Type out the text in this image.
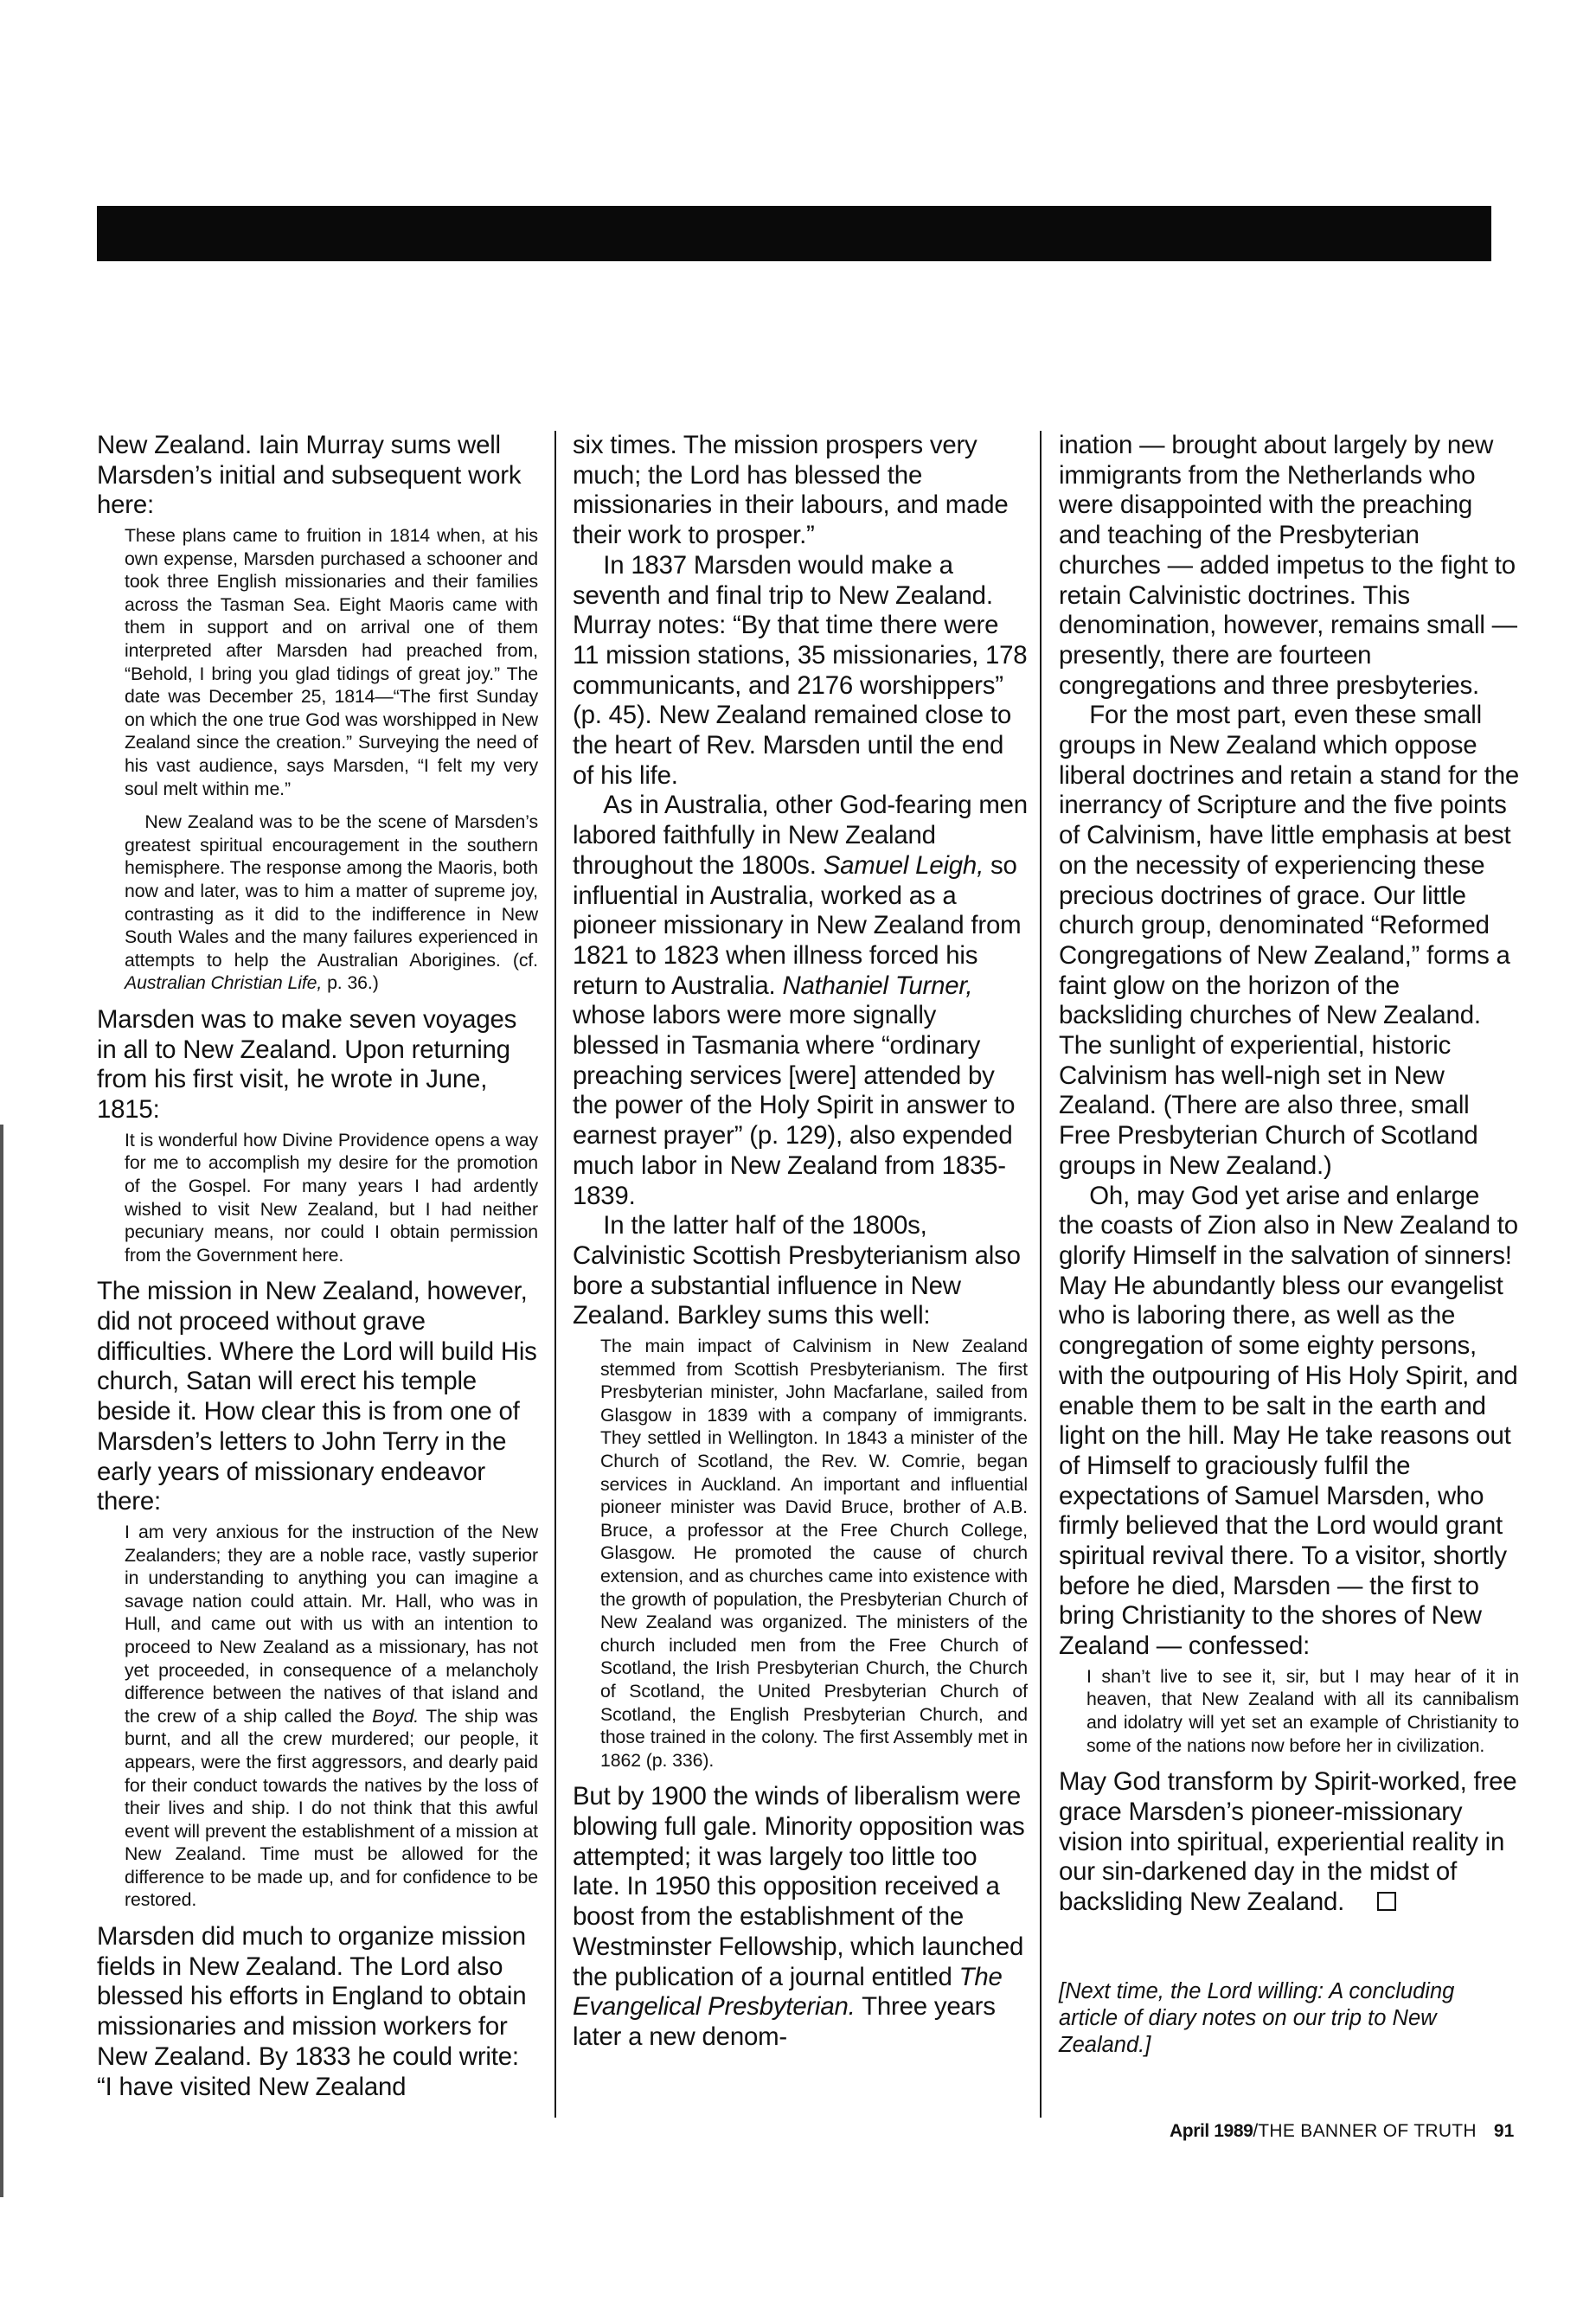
New Zealand. Iain Murray sums well Marsden’s initial and subsequent work here:

These plans came to fruition in 1814 when, at his own expense, Marsden purchased a schooner and took three English missionaries and their families across the Tasman Sea. Eight Maoris came with them in support and on arrival one of them interpreted after Marsden had preached from, “Behold, I bring you glad tidings of great joy.” The date was December 25, 1814—“The first Sunday on which the one true God was worshipped in New Zealand since the creation.” Surveying the need of his vast audience, says Marsden, “I felt my very soul melt within me.”

New Zealand was to be the scene of Marsden’s greatest spiritual encouragement in the southern hemisphere. The response among the Maoris, both now and later, was to him a matter of supreme joy, contrasting as it did to the indifference in New South Wales and the many failures experienced in attempts to help the Australian Aborigines. (cf. Australian Christian Life, p. 36.)

Marsden was to make seven voyages in all to New Zealand. Upon returning from his first visit, he wrote in June, 1815:

It is wonderful how Divine Providence opens a way for me to accomplish my desire for the promotion of the Gospel. For many years I had ardently wished to visit New Zealand, but I had neither pecuniary means, nor could I obtain permission from the Government here.

The mission in New Zealand, however, did not proceed without grave difficulties. Where the Lord will build His church, Satan will erect his temple beside it. How clear this is from one of Marsden’s letters to John Terry in the early years of missionary endeavor there:

I am very anxious for the instruction of the New Zealanders; they are a noble race, vastly superior in understanding to anything you can imagine a savage nation could attain. Mr. Hall, who was in Hull, and came out with us with an intention to proceed to New Zealand as a missionary, has not yet proceeded, in consequence of a melancholy difference between the natives of that island and the crew of a ship called the Boyd. The ship was burnt, and all the crew murdered; our people, it appears, were the first aggressors, and dearly paid for their conduct towards the natives by the loss of their lives and ship. I do not think that this awful event will prevent the establishment of a mission at New Zealand. Time must be allowed for the difference to be made up, and for confidence to be restored.

Marsden did much to organize mission fields in New Zealand. The Lord also blessed his efforts in England to obtain missionaries and mission workers for New Zealand. By 1833 he could write: “I have visited New Zealand

six times. The mission prospers very much; the Lord has blessed the missionaries in their labours, and made their work to prosper.”

In 1837 Marsden would make a seventh and final trip to New Zealand. Murray notes: “By that time there were 11 mission stations, 35 missionaries, 178 communicants, and 2176 worshippers” (p. 45). New Zealand remained close to the heart of Rev. Marsden until the end of his life.

As in Australia, other God-fearing men labored faithfully in New Zealand throughout the 1800s. Samuel Leigh, so influential in Australia, worked as a pioneer missionary in New Zealand from 1821 to 1823 when illness forced his return to Australia. Nathaniel Turner, whose labors were more signally blessed in Tasmania where “ordinary preaching services [were] attended by the power of the Holy Spirit in answer to earnest prayer” (p. 129), also expended much labor in New Zealand from 1835-1839.

In the latter half of the 1800s, Calvinistic Scottish Presbyterianism also bore a substantial influence in New Zealand. Barkley sums this well:

The main impact of Calvinism in New Zealand stemmed from Scottish Presbyterianism. The first Presbyterian minister, John Macfarlane, sailed from Glasgow in 1839 with a company of immigrants. They settled in Wellington. In 1843 a minister of the Church of Scotland, the Rev. W. Comrie, began services in Auckland. An important and influential pioneer minister was David Bruce, brother of A.B. Bruce, a professor at the Free Church College, Glasgow. He promoted the cause of church extension, and as churches came into existence with the growth of population, the Presbyterian Church of New Zealand was organized. The ministers of the church included men from the Free Church of Scotland, the Irish Presbyterian Church, the Church of Scotland, the United Presbyterian Church of Scotland, the English Presbyterian Church, and those trained in the colony. The first Assembly met in 1862 (p. 336).

But by 1900 the winds of liberalism were blowing full gale. Minority opposition was attempted; it was largely too little too late. In 1950 this opposition received a boost from the establishment of the Westminster Fellowship, which launched the publication of a journal entitled The Evangelical Presbyterian. Three years later a new denom-

ination — brought about largely by new immigrants from the Netherlands who were disappointed with the preaching and teaching of the Presbyterian churches — added impetus to the fight to retain Calvinistic doctrines. This denomination, however, remains small — presently, there are fourteen congregations and three presbyteries.

For the most part, even these small groups in New Zealand which oppose liberal doctrines and retain a stand for the inerrancy of Scripture and the five points of Calvinism, have little emphasis at best on the necessity of experiencing these precious doctrines of grace. Our little church group, denominated “Reformed Congregations of New Zealand,” forms a faint glow on the horizon of the backsliding churches of New Zealand. The sunlight of experiential, historic Calvinism has well-nigh set in New Zealand. (There are also three, small Free Presbyterian Church of Scotland groups in New Zealand.)

Oh, may God yet arise and enlarge the coasts of Zion also in New Zealand to glorify Himself in the salvation of sinners! May He abundantly bless our evangelist who is laboring there, as well as the congregation of some eighty persons, with the outpouring of His Holy Spirit, and enable them to be salt in the earth and light on the hill. May He take reasons out of Himself to graciously fulfil the expectations of Samuel Marsden, who firmly believed that the Lord would grant spiritual revival there. To a visitor, shortly before he died, Marsden — the first to bring Christianity to the shores of New Zealand — confessed:

I shan’t live to see it, sir, but I may hear of it in heaven, that New Zealand with all its cannibalism and idolatry will yet set an example of Christianity to some of the nations now before her in civilization.

May God transform by Spirit-worked, free grace Marsden’s pioneer-missionary vision into spiritual, experiential reality in our sin-darkened day in the midst of backsliding New Zealand.

[Next time, the Lord willing: A concluding article of diary notes on our trip to New Zealand.]

April 1989/THE BANNER OF TRUTH 91
